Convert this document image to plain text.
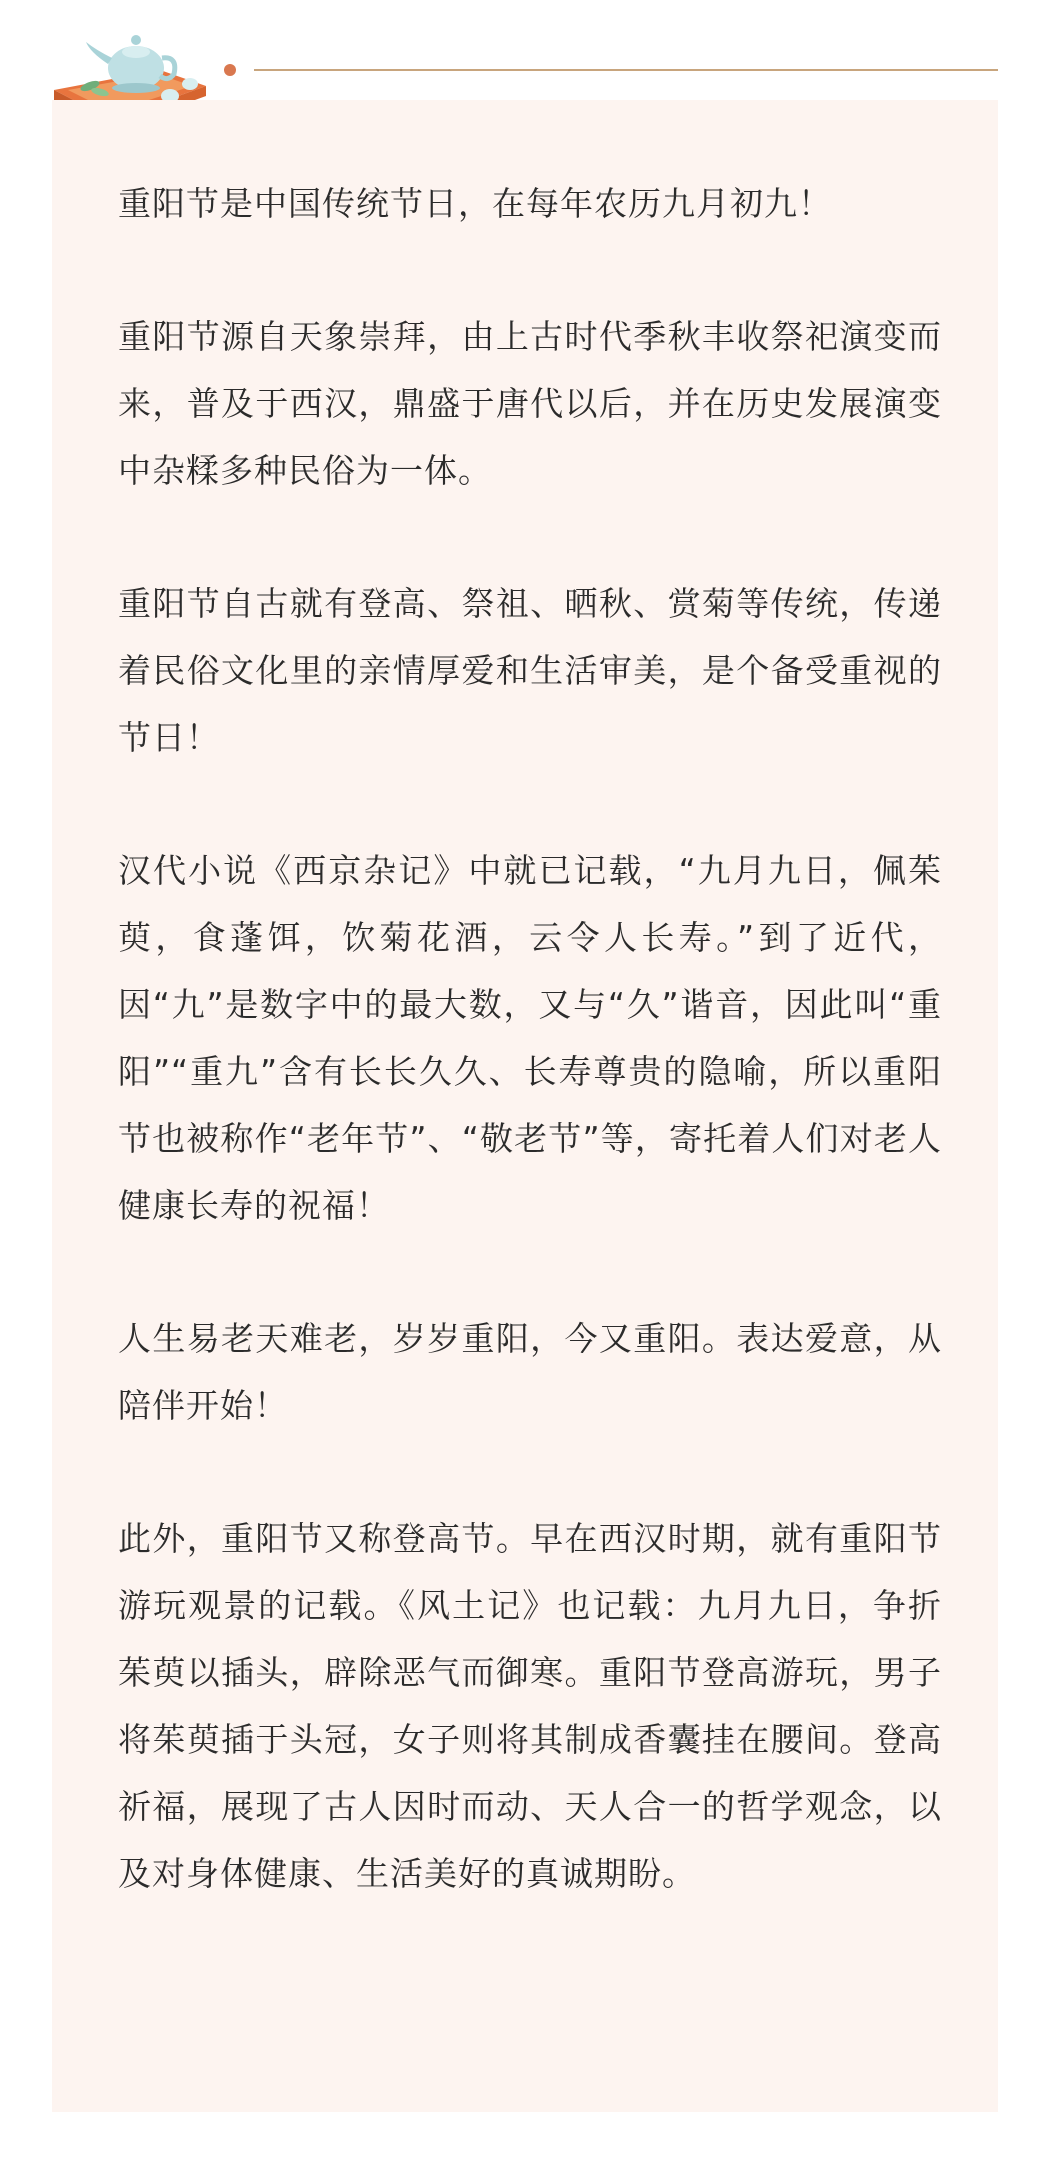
重阳节是中国传统节日，在每年农历九月初九！

重阳节源自天象崇拜，由上古时代季秋丰收祭祀演变而来，普及于西汉，鼎盛于唐代以后，并在历史发展演变中杂糅多种民俗为一体。

重阳节自古就有登高、祭祖、晒秋、赏菊等传统，传递着民俗文化里的亲情厚爱和生活审美，是个备受重视的节日！

汉代小说《西京杂记》中就已记载，“九月九日，佩茱萸，食蓬饵，饮菊花酒，云令人长寿。”到了近代，因“九”是数字中的最大数，又与“久”谐音，因此叫“重阳”“重九”含有长长久久、长寿尊贵的隐喻，所以重阳节也被称作“老年节”、“敬老节”等，寄托着人们对老人健康长寿的祝福！

人生易老天难老，岁岁重阳，今又重阳。表达爱意，从陪伴开始！

此外，重阳节又称登高节。早在西汉时期，就有重阳节游玩观景的记载。《风土记》也记载：九月九日，争折茱萸以插头，辟除恶气而御寒。重阳节登高游玩，男子将茱萸插于头冠，女子则将其制成香囊挂在腰间。登高祈福，展现了古人因时而动、天人合一的哲学观念，以及对身体健康、生活美好的真诚期盼。
